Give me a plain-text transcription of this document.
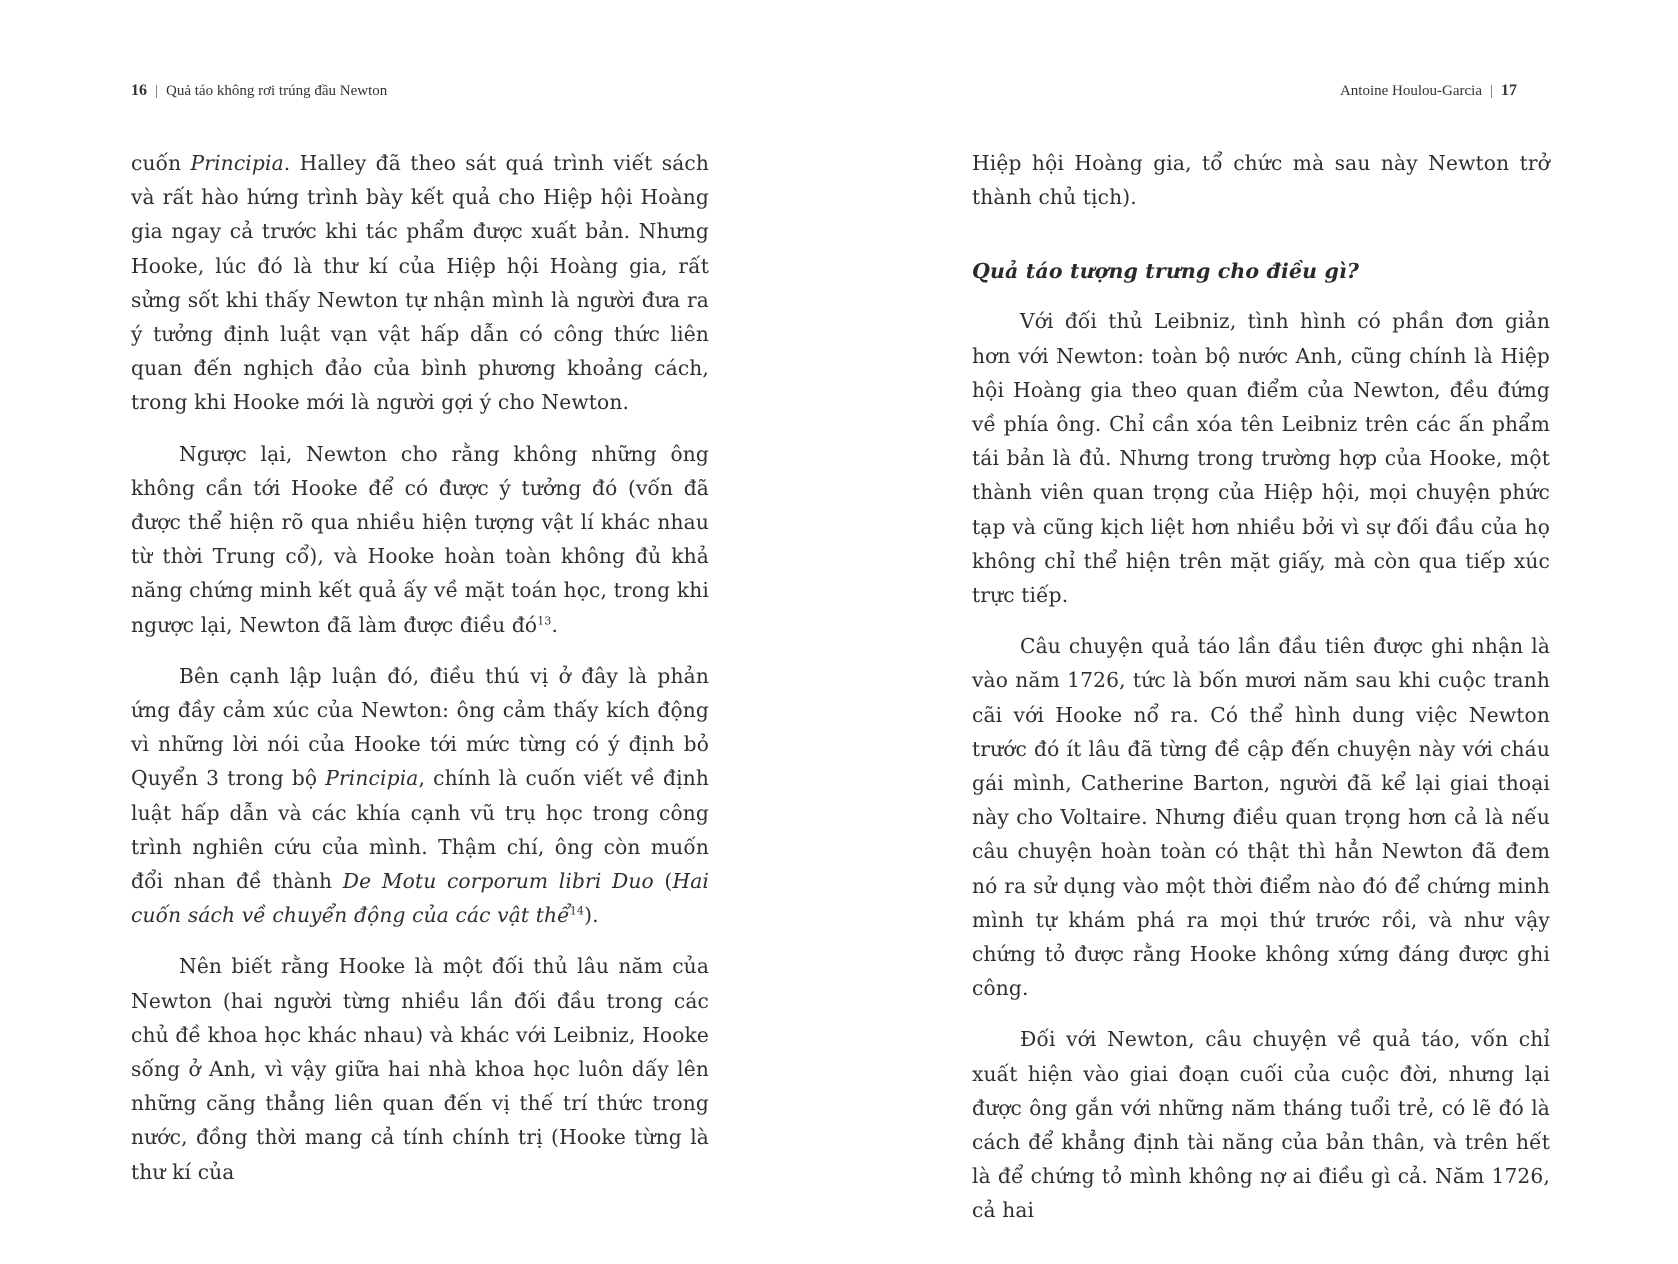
16 | Quả táo không rơi trúng đầu Newton

cuốn Principia. Halley đã theo sát quá trình viết sách và rất hào hứng trình bày kết quả cho Hiệp hội Hoàng gia ngay cả trước khi tác phẩm được xuất bản. Nhưng Hooke, lúc đó là thư kí của Hiệp hội Hoàng gia, rất sửng sốt khi thấy Newton tự nhận mình là người đưa ra ý tưởng định luật vạn vật hấp dẫn có công thức liên quan đến nghịch đảo của bình phương khoảng cách, trong khi Hooke mới là người gợi ý cho Newton.

Ngược lại, Newton cho rằng không những ông không cần tới Hooke để có được ý tưởng đó (vốn đã được thể hiện rõ qua nhiều hiện tượng vật lí khác nhau từ thời Trung cổ), và Hooke hoàn toàn không đủ khả năng chứng minh kết quả ấy về mặt toán học, trong khi ngược lại, Newton đã làm được điều $đó^{13}$.

Bên cạnh lập luận đó, điều thú vị ở đây là phản ứng đầy cảm xúc của Newton: ông cảm thấy kích động vì những lời nói của Hooke tới mức từng có ý định bỏ Quyển 3 trong bộ Principia, chính là cuốn viết về định luật hấp dẫn và các khía cạnh vũ trụ học trong công trình nghiên cứu của mình. Thậm chí, ông còn muốn đổi nhan đề thành De Motu corporum libri Duo (Hai cuốn sách về chuyển động của các vật thể$^{14}$).

Nên biết rằng Hooke là một đối thủ lâu năm của Newton (hai người từng nhiều lần đối đầu trong các chủ đề khoa học khác nhau) và khác với Leibniz, Hooke sống ở Anh, vì vậy giữa hai nhà khoa học luôn dấy lên những căng thẳng liên quan đến vị thế trí thức trong nước, đồng thời mang cả tính chính trị (Hooke từng là thư kí của

Antoine Houlou-Garcia | 17

Hiệp hội Hoàng gia, tổ chức mà sau này Newton trở thành chủ tịch).

Quả táo tượng trưng cho điều gì?

Với đối thủ Leibniz, tình hình có phần đơn giản hơn với Newton: toàn bộ nước Anh, cũng chính là Hiệp hội Hoàng gia theo quan điểm của Newton, đều đứng về phía ông. Chỉ cần xóa tên Leibniz trên các ấn phẩm tái bản là đủ. Nhưng trong trường hợp của Hooke, một thành viên quan trọng của Hiệp hội, mọi chuyện phức tạp và cũng kịch liệt hơn nhiều bởi vì sự đối đầu của họ không chỉ thể hiện trên mặt giấy, mà còn qua tiếp xúc trực tiếp.

Câu chuyện quả táo lần đầu tiên được ghi nhận là vào năm 1726, tức là bốn mươi năm sau khi cuộc tranh cãi với Hooke nổ ra. Có thể hình dung việc Newton trước đó ít lâu đã từng đề cập đến chuyện này với cháu gái mình, Catherine Barton, người đã kể lại giai thoại này cho Voltaire. Nhưng điều quan trọng hơn cả là nếu câu chuyện hoàn toàn có thật thì hẳn Newton đã đem nó ra sử dụng vào một thời điểm nào đó để chứng minh mình tự khám phá ra mọi thứ trước rồi, và như vậy chứng tỏ được rằng Hooke không xứng đáng được ghi công.

Đối với Newton, câu chuyện về quả táo, vốn chỉ xuất hiện vào giai đoạn cuối của cuộc đời, nhưng lại được ông gắn với những năm tháng tuổi trẻ, có lẽ đó là cách để khẳng định tài năng của bản thân, và trên hết là để chứng tỏ mình không nợ ai điều gì cả. Năm 1726, cả hai
